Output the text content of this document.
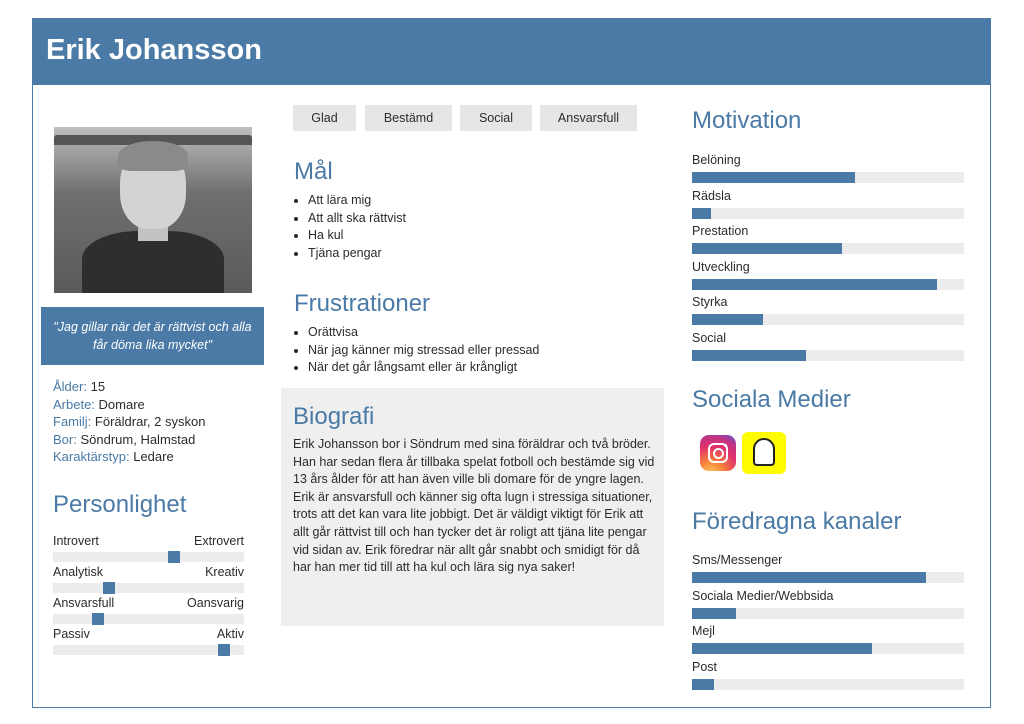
Erik Johansson
"Jag gillar när det är rättvist och alla får döma lika mycket"
Ålder: 15
Arbete: Domare
Familj: Föräldrar, 2 syskon
Bor: Söndrum, Halmstad
Karaktärstyp: Ledare
Personlighet
Introvert	Extrovert
Analytisk	Kreativ
Ansvarsfull	Oansvarig
Passiv	Aktiv
Glad	Bestämd	Social	Ansvarsfull
Mål
• Att lära mig
• Att allt ska rättvist
• Ha kul
• Tjäna pengar
Frustrationer
• Orättvisa
• När jag känner mig stressad eller pressad
• När det går långsamt eller är krångligt
Biografi
Erik Johansson bor i Söndrum med sina föräldrar och två bröder. Han har sedan flera år tillbaka spelat fotboll och bestämde sig vid 13 års ålder för att han även ville bli domare för de yngre lagen. Erik är ansvarsfull och känner sig ofta lugn i stressiga situationer, trots att det kan vara lite jobbigt. Det är väldigt viktigt för Erik att allt går rättvist till och han tycker det är roligt att tjäna lite pengar vid sidan av. Erik föredrar när allt går snabbt och smidigt för då har han mer tid till att ha kul och lära sig nya saker!
Motivation
Belöning
Rädsla
Prestation
Utveckling
Styrka
Social
Sociala Medier
Föredragna kanaler
Sms/Messenger
Sociala Medier/Webbsida
Mejl
Post
